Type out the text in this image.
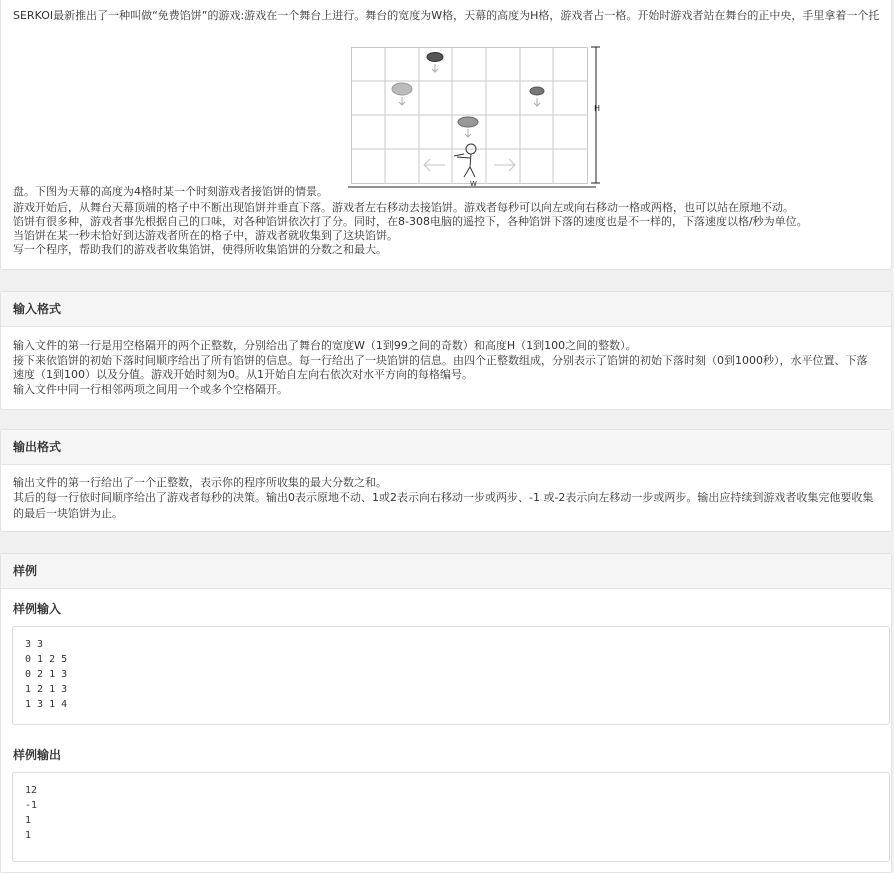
SERKOI最新推出了一种叫做“免费馅饼”的游戏:游戏在一个舞台上进行。舞台的宽度为W格，天幕的高度为H格，游戏者占一格。开始时游戏者站在舞台的正中央，手里拿着一个托
H
W
盘。下图为天幕的高度为4格时某一个时刻游戏者接馅饼的情景。
游戏开始后，从舞台天幕顶端的格子中不断出现馅饼并垂直下落。游戏者左右移动去接馅饼。游戏者每秒可以向左或向右移动一格或两格，也可以站在原地不动。
馅饼有很多种，游戏者事先根据自己的口味，对各种馅饼依次打了分。同时，在8-308电脑的遥控下，各种馅饼下落的速度也是不一样的，下落速度以格/秒为单位。
当馅饼在某一秒末恰好到达游戏者所在的格子中，游戏者就收集到了这块馅饼。
写一个程序，帮助我们的游戏者收集馅饼，使得所收集馅饼的分数之和最大。
输入格式
输入文件的第一行是用空格隔开的两个正整数，分别给出了舞台的宽度W（1到99之间的奇数）和高度H（1到100之间的整数）。
接下来依馅饼的初始下落时间顺序给出了所有馅饼的信息。每一行给出了一块馅饼的信息。由四个正整数组成，分别表示了馅饼的初始下落时刻（0到1000秒），水平位置、下落
速度（1到100）以及分值。游戏开始时刻为0。从1开始自左向右依次对水平方向的每格编号。
输入文件中同一行相邻两项之间用一个或多个空格隔开。
输出格式
输出文件的第一行给出了一个正整数，表示你的程序所收集的最大分数之和。
其后的每一行依时间顺序给出了游戏者每秒的决策。输出0表示原地不动、1或2表示向右移动一步或两步、-1 或-2表示向左移动一步或两步。输出应持续到游戏者收集完他要收集
的最后一块馅饼为止。
样例
样例输入
3 3
0 1 2 5
0 2 1 3
1 2 1 3
1 3 1 4
样例输出
12
-1
1
1
